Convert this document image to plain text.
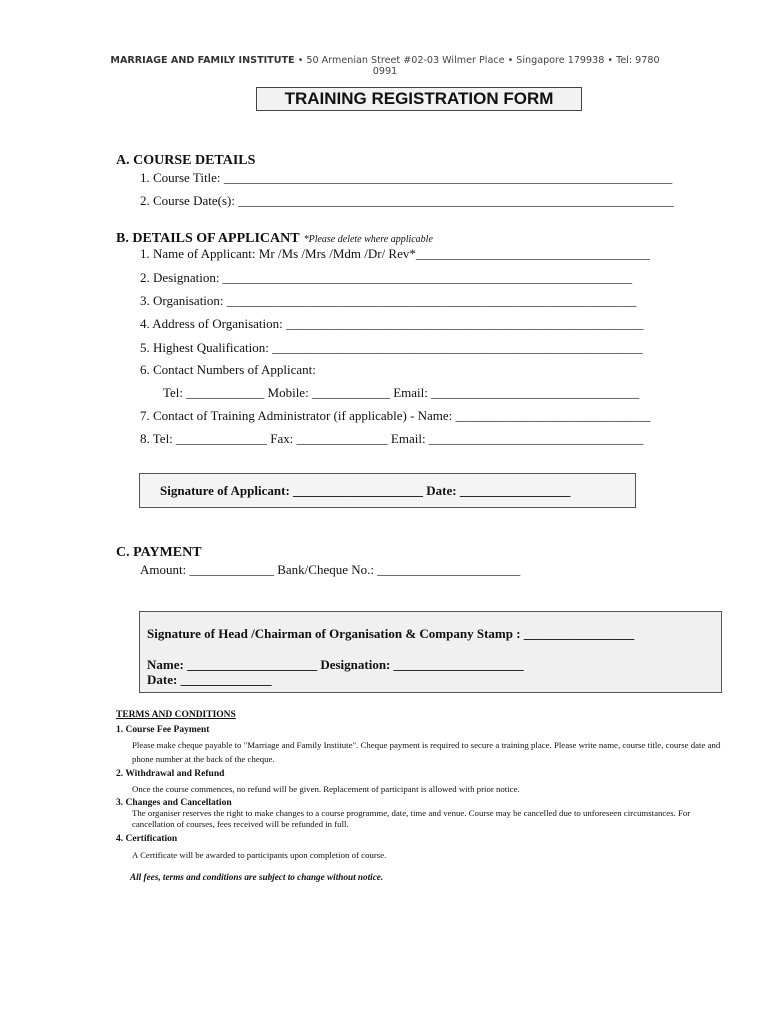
MARRIAGE AND FAMILY INSTITUTE • 50 Armenian Street #02-03 Wilmer Place • Singapore 179938 • Tel: 9780
0991
TRAINING REGISTRATION FORM
A. COURSE DETAILS
1. Course Title: _____________________________________________________________________
2. Course Date(s): ___________________________________________________________________
B. DETAILS OF APPLICANT *Please delete where applicable
1. Name of Applicant: Mr /Ms /Mrs /Mdm /Dr/ Rev*____________________________________
2. Designation: _______________________________________________________________
3. Organisation: _______________________________________________________________
4. Address of Organisation: _______________________________________________________
5. Highest Qualification: _________________________________________________________
6. Contact Numbers of Applicant:
Tel: ____________ Mobile: ____________ Email: ________________________________
7. Contact of Training Administrator (if applicable) - Name: ______________________________
8. Tel: ______________ Fax: ______________ Email: _________________________________
Signature of Applicant: ____________________ Date: _________________
C. PAYMENT
Amount: _____________ Bank/Cheque No.: ______________________
Signature of Head /Chairman of Organisation & Company Stamp : _________________
Name: ____________________ Designation: ____________________
Date: ______________
TERMS AND CONDITIONS
1. Course Fee Payment
Please make cheque payable to "Marriage and Family Institute". Cheque payment is required to secure a training place. Please write name, course title, course date and phone number at the back of the cheque.
2. Withdrawal and Refund
Once the course commences, no refund will be given. Replacement of participant is allowed with prior notice.
3. Changes and Cancellation
The organiser reserves the right to make changes to a course programme, date, time and venue. Course may be cancelled due to unforeseen circumstances. For cancellation of courses, fees received will be refunded in full.
4. Certification
A Certificate will be awarded to participants upon completion of course.
All fees, terms and conditions are subject to change without notice.
